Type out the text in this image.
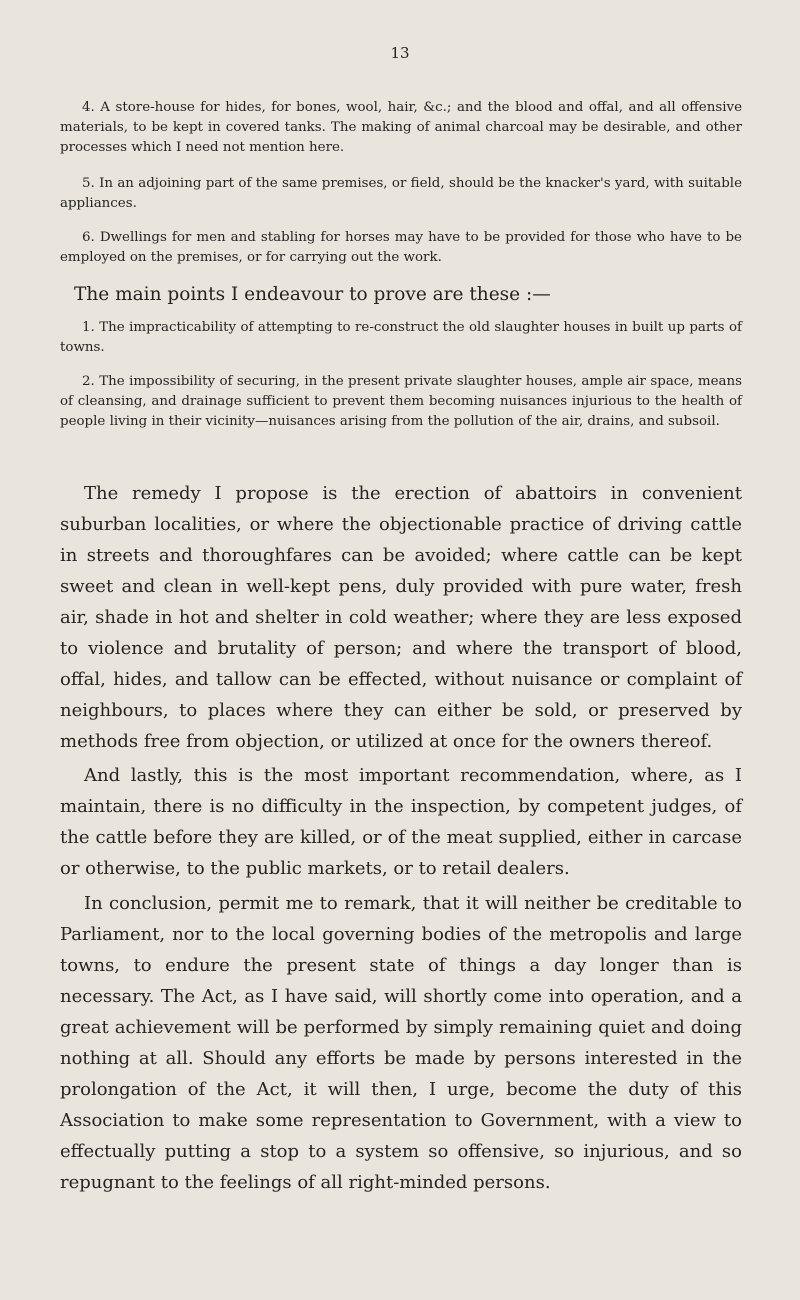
13

4. A store-house for hides, for bones, wool, hair, &c.; and the blood and offal, and all offensive materials, to be kept in covered tanks. The making of animal charcoal may be desirable, and other processes which I need not mention here.

5. In an adjoining part of the same premises, or field, should be the knacker's yard, with suitable appliances.

6. Dwellings for men and stabling for horses may have to be provided for those who have to be employed on the premises, or for carrying out the work.

The main points I endeavour to prove are these :—

1. The impracticability of attempting to re-construct the old slaughter houses in built up parts of towns.

2. The impossibility of securing, in the present private slaughter houses, ample air space, means of cleansing, and drainage sufficient to prevent them becoming nuisances injurious to the health of people living in their vicinity—nuisances arising from the pollution of the air, drains, and subsoil.

The remedy I propose is the erection of abattoirs in convenient suburban localities, or where the objectionable practice of driving cattle in streets and thoroughfares can be avoided; where cattle can be kept sweet and clean in well-kept pens, duly provided with pure water, fresh air, shade in hot and shelter in cold weather; where they are less exposed to violence and brutality of person; and where the transport of blood, offal, hides, and tallow can be effected, without nuisance or complaint of neighbours, to places where they can either be sold, or preserved by methods free from objection, or utilized at once for the owners thereof.

And lastly, this is the most important recommendation, where, as I maintain, there is no difficulty in the inspection, by competent judges, of the cattle before they are killed, or of the meat supplied, either in carcase or otherwise, to the public markets, or to retail dealers.

In conclusion, permit me to remark, that it will neither be creditable to Parliament, nor to the local governing bodies of the metropolis and large towns, to endure the present state of things a day longer than is necessary. The Act, as I have said, will shortly come into operation, and a great achievement will be performed by simply remaining quiet and doing nothing at all. Should any efforts be made by persons interested in the prolongation of the Act, it will then, I urge, become the duty of this Association to make some representation to Government, with a view to effectually putting a stop to a system so offensive, so injurious, and so repugnant to the feelings of all right-minded persons.
